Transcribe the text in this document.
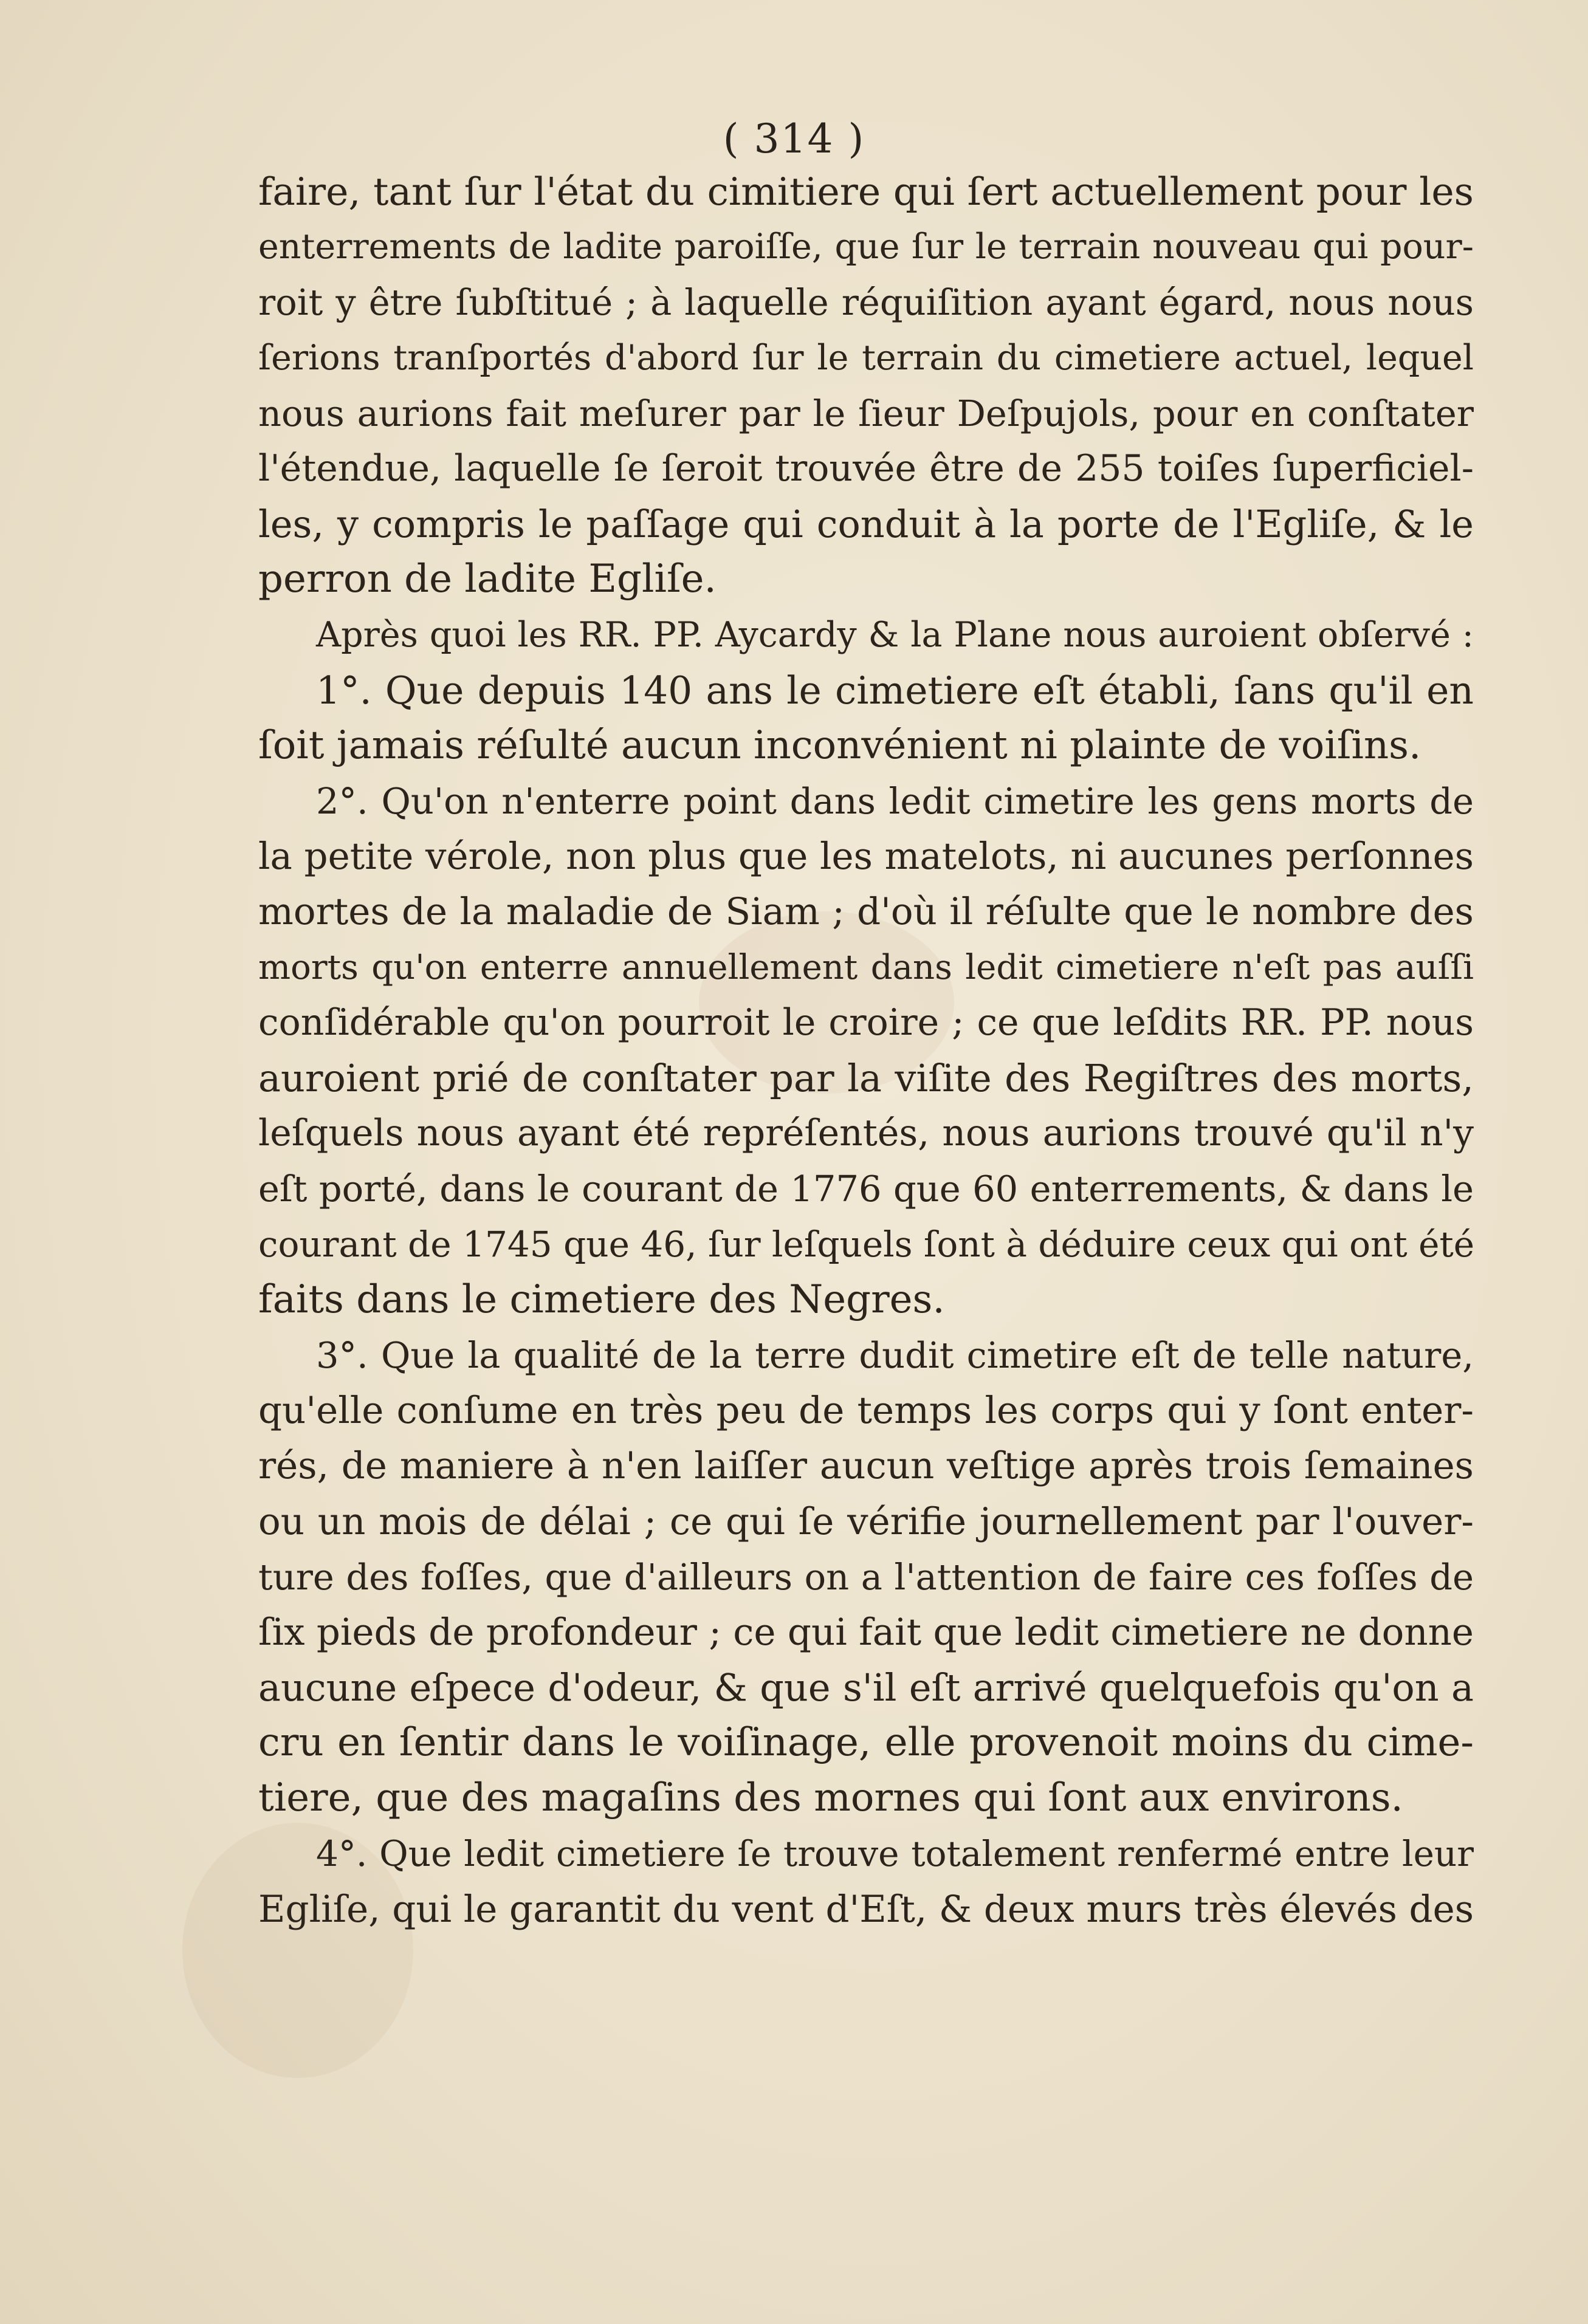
( 314 )
faire, tant ſur l'état du cimitiere qui ſert actuellement pour les
enterrements de ladite paroiſſe, que ſur le terrain nouveau qui pour-
roit y être ſubſtitué ; à laquelle réquiſition ayant égard, nous nous
ſerions tranſportés d'abord ſur le terrain du cimetiere actuel, lequel
nous aurions fait meſurer par le ſieur Deſpujols, pour en conſtater
l'étendue, laquelle ſe ſeroit trouvée être de 255 toiſes ſuperficiel-
les, y compris le paſſage qui conduit à la porte de l'Egliſe, & le
perron de ladite Egliſe.
Après quoi les RR. PP. Aycardy & la Plane nous auroient obſervé :
1°. Que depuis 140 ans le cimetiere eſt établi, ſans qu'il en
ſoit jamais réſulté aucun inconvénient ni plainte de voiſins.
2°. Qu'on n'enterre point dans ledit cimetire les gens morts de
la petite vérole, non plus que les matelots, ni aucunes perſonnes
mortes de la maladie de Siam ; d'où il réſulte que le nombre des
morts qu'on enterre annuellement dans ledit cimetiere n'eſt pas auſſi
conſidérable qu'on pourroit le croire ; ce que leſdits RR. PP. nous
auroient prié de conſtater par la viſite des Regiſtres des morts,
leſquels nous ayant été repréſentés, nous aurions trouvé qu'il n'y
eſt porté, dans le courant de 1776 que 60 enterrements, & dans le
courant de 1745 que 46, ſur leſquels ſont à déduire ceux qui ont été
faits dans le cimetiere des Negres.
3°. Que la qualité de la terre dudit cimetire eſt de telle nature,
qu'elle conſume en très peu de temps les corps qui y ſont enter-
rés, de maniere à n'en laiſſer aucun veſtige après trois ſemaines
ou un mois de délai ; ce qui ſe vérifie journellement par l'ouver-
ture des foſſes, que d'ailleurs on a l'attention de faire ces foſſes de
ſix pieds de profondeur ; ce qui fait que ledit cimetiere ne donne
aucune eſpece d'odeur, & que s'il eſt arrivé quelquefois qu'on a
cru en ſentir dans le voiſinage, elle provenoit moins du cime-
tiere, que des magaſins des mornes qui ſont aux environs.
4°. Que ledit cimetiere ſe trouve totalement renfermé entre leur
Egliſe, qui le garantit du vent d'Eſt, & deux murs très élevés des
